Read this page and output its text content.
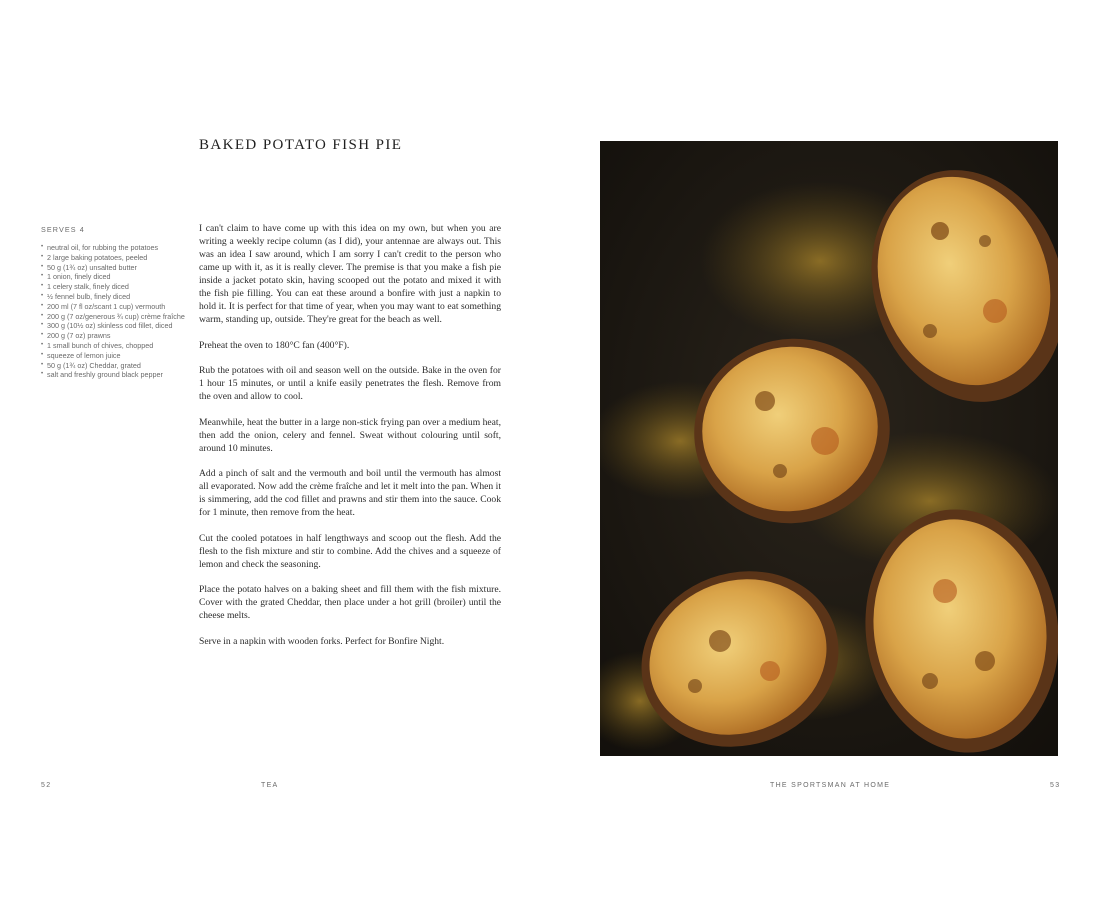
BAKED POTATO FISH PIE

SERVES 4

• neutral oil, for rubbing the potatoes
• 2 large baking potatoes, peeled
• 50 g (1¾ oz) unsalted butter
• 1 onion, finely diced
• 1 celery stalk, finely diced
• ½ fennel bulb, finely diced
• 200 ml (7 fl oz/scant 1 cup) vermouth
• 200 g (7 oz/generous ¾ cup) crème fraîche
• 300 g (10½ oz) skinless cod fillet, diced
• 200 g (7 oz) prawns
• 1 small bunch of chives, chopped
• squeeze of lemon juice
• 50 g (1¾ oz) Cheddar, grated
• salt and freshly ground black pepper

I can't claim to have come up with this idea on my own, but when you are writing a weekly recipe column (as I did), your antennae are always out. This was an idea I saw around, which I am sorry I can't credit to the person who came up with it, as it is really clever. The premise is that you make a fish pie inside a jacket potato skin, having scooped out the potato and mixed it with the fish pie filling. You can eat these around a bonfire with just a napkin to hold it. It is perfect for that time of year, when you may want to eat something warm, standing up, outside. They're great for the beach as well.

Preheat the oven to 180°C fan (400°F).

Rub the potatoes with oil and season well on the outside. Bake in the oven for 1 hour 15 minutes, or until a knife easily penetrates the flesh. Remove from the oven and allow to cool.

Meanwhile, heat the butter in a large non-stick frying pan over a medium heat, then add the onion, celery and fennel. Sweat without colouring until soft, around 10 minutes.

Add a pinch of salt and the vermouth and boil until the vermouth has almost all evaporated. Now add the crème fraîche and let it melt into the pan. When it is simmering, add the cod fillet and prawns and stir them into the sauce. Cook for 1 minute, then remove from the heat.

Cut the cooled potatoes in half lengthways and scoop out the flesh. Add the flesh to the fish mixture and stir to combine. Add the chives and a squeeze of lemon and check the seasoning.

Place the potato halves on a baking sheet and fill them with the fish mixture. Cover with the grated Cheddar, then place under a hot grill (broiler) until the cheese melts.

Serve in a napkin with wooden forks. Perfect for Bonfire Night.

52	TEA	THE SPORTSMAN AT HOME	53
